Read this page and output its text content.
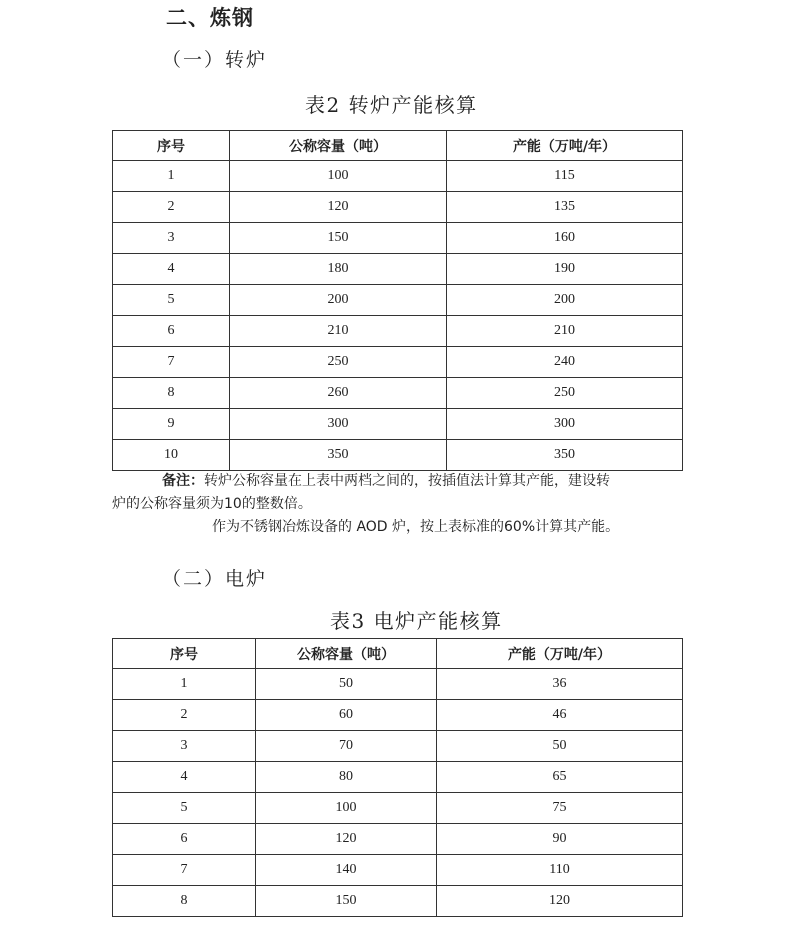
二、炼钢
（一）转炉
表2 转炉产能核算
序号	公称容量（吨）	产能（万吨/年）
1	100	115
2	120	135
3	150	160
4	180	190
5	200	200
6	210	210
7	250	240
8	260	250
9	300	300
10	350	350
备注：转炉公称容量在上表中两档之间的，按插值法计算其产能，建设转
炉的公称容量须为10的整数倍。
作为不锈钢冶炼设备的 AOD 炉，按上表标准的60%计算其产能。
（二）电炉
表3 电炉产能核算
序号	公称容量（吨）	产能（万吨/年）
1	50	36
2	60	46
3	70	50
4	80	65
5	100	75
6	120	90
7	140	110
8	150	120
